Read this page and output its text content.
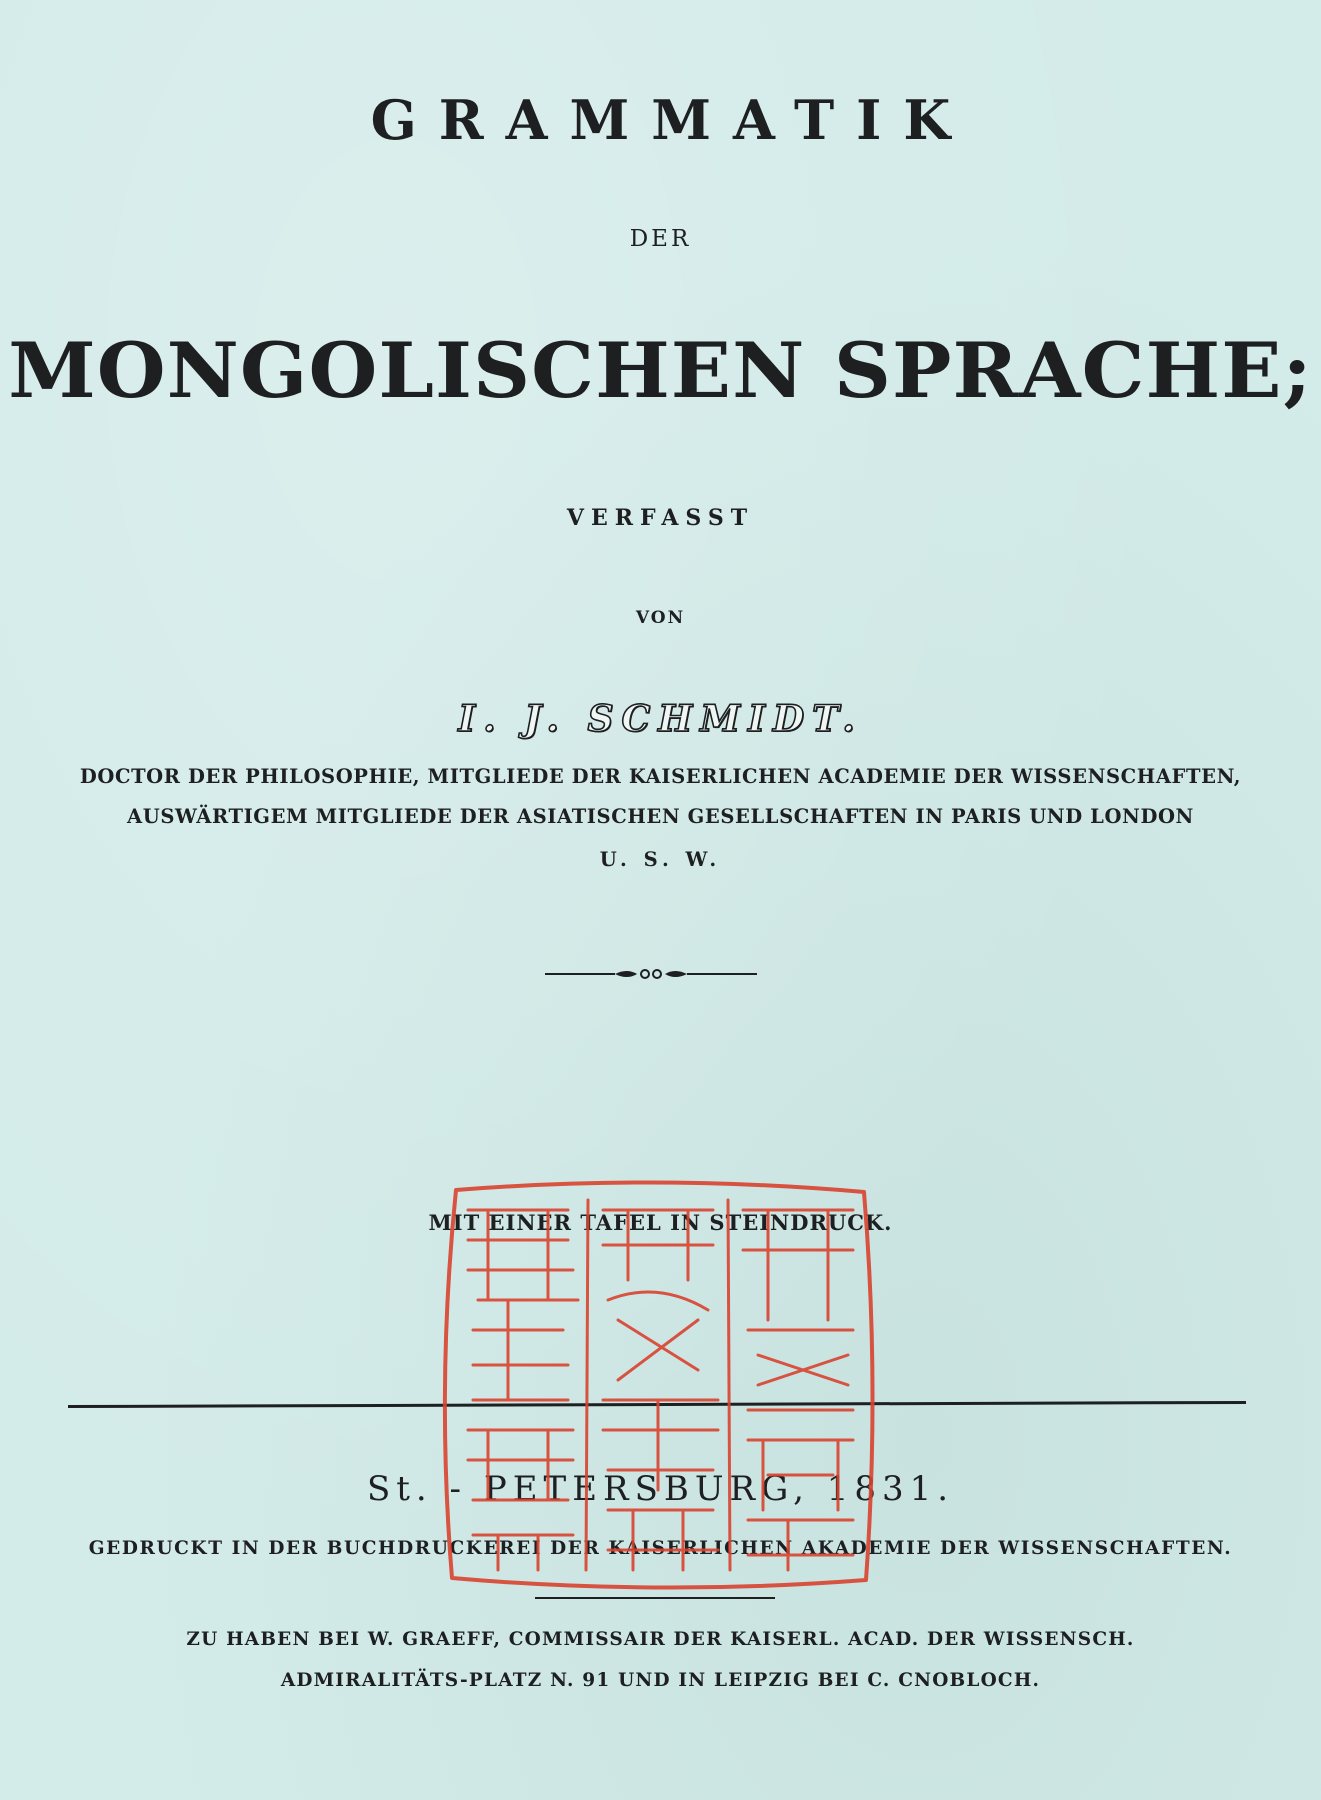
GRAMMATIK
DER
MONGOLISCHEN SPRACHE;
VERFASST
VON
I. J. SCHMIDT.
DOCTOR DER PHILOSOPHIE, MITGLIEDE DER KAISERLICHEN ACADEMIE DER WISSENSCHAFTEN,
AUSWÄRTIGEM MITGLIEDE DER ASIATISCHEN GESELLSCHAFTEN IN PARIS UND LONDON
U. S. W.
MIT EINER TAFEL IN STEINDRUCK.
St. - PETERSBURG, 1831.
GEDRUCKT IN DER BUCHDRUCKEREI DER KAISERLICHEN AKADEMIE DER WISSENSCHAFTEN.
ZU HABEN BEI W. GRAEFF, COMMISSAIR DER KAISERL. ACAD. DER WISSENSCH.
ADMIRALITÄTS-PLATZ N. 91 UND IN LEIPZIG BEI C. CNOBLOCH.
